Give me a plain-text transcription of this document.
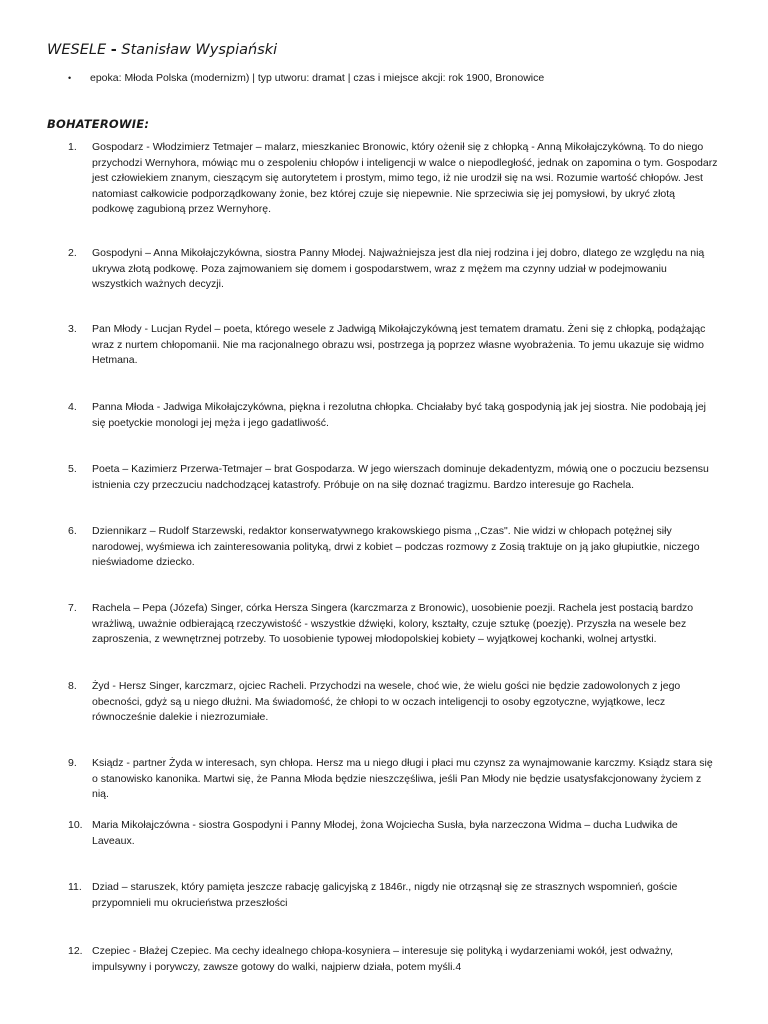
WESELE - Stanisław Wyspiański
• epoka: Młoda Polska (modernizm) | typ utworu: dramat | czas i miejsce akcji: rok 1900, Bronowice
BOHATEROWIE:
1.	Gospodarz - Włodzimierz Tetmajer – malarz, mieszkaniec Bronowic, który ożenił się z chłopką - Anną Mikołajczykówną. To do niego przychodzi Wernyhora, mówiąc mu o zespoleniu chłopów i inteligencji w walce o niepodległość, jednak on zapomina o tym. Gospodarz jest człowiekiem znanym, cieszącym się autorytetem i prostym, mimo tego, iż nie urodził się na wsi. Rozumie wartość chłopów. Jest natomiast całkowicie podporządkowany żonie, bez której czuje się niepewnie. Nie sprzeciwia się jej pomysłowi, by ukryć złotą podkowę zagubioną przez Wernyhorę.
2.	Gospodyni – Anna Mikołajczykówna, siostra Panny Młodej. Najważniejsza jest dla niej rodzina i jej dobro, dlatego ze względu na nią ukrywa złotą podkowę. Poza zajmowaniem się domem i gospodarstwem, wraz z mężem ma czynny udział w podejmowaniu wszystkich ważnych decyzji.
3.	Pan Młody - Lucjan Rydel – poeta, którego wesele z Jadwigą Mikołajczykówną jest tematem dramatu. Żeni się z chłopką, podążając wraz z nurtem chłopomanii. Nie ma racjonalnego obrazu wsi, postrzega ją poprzez własne wyobrażenia. To jemu ukazuje się widmo Hetmana.
4.	Panna Młoda - Jadwiga Mikołajczykówna, piękna i rezolutna chłopka. Chciałaby być taką gospodynią jak jej siostra. Nie podobają jej się poetyckie monologi jej męża i jego gadatliwość.
5.	Poeta – Kazimierz Przerwa-Tetmajer – brat Gospodarza. W jego wierszach dominuje dekadentyzm, mówią one o poczuciu bezsensu istnienia czy przeczuciu nadchodzącej katastrofy. Próbuje on na siłę doznać tragizmu. Bardzo interesuje go Rachela.
6.	Dziennikarz – Rudolf Starzewski, redaktor konserwatywnego krakowskiego pisma ,,Czas". Nie widzi w chłopach potężnej siły narodowej, wyśmiewa ich zainteresowania polityką, drwi z kobiet – podczas rozmowy z Zosią traktuje on ją jako głupiutkie, niczego nieświadome dziecko.
7.	Rachela – Pepa (Józefa) Singer, córka Hersza Singera (karczmarza z Bronowic), uosobienie poezji. Rachela jest postacią bardzo wrażliwą, uważnie odbierającą rzeczywistość - wszystkie dźwięki, kolory, kształty, czuje sztukę (poezję). Przyszła na wesele bez zaproszenia, z wewnętrznej potrzeby. To uosobienie typowej młodopolskiej kobiety – wyjątkowej kochanki, wolnej artystki.
8.	Żyd - Hersz Singer, karczmarz, ojciec Racheli. Przychodzi na wesele, choć wie, że wielu gości nie będzie zadowolonych z jego obecności, gdyż są u niego dłużni. Ma świadomość, że chłopi to w oczach inteligencji to osoby egzotyczne, wyjątkowe, lecz równocześnie dalekie i niezrozumiałe.
9.	Ksiądz - partner Żyda w interesach, syn chłopa. Hersz ma u niego długi i płaci mu czynsz za wynajmowanie karczmy. Ksiądz stara się o stanowisko kanonika. Martwi się, że Panna Młoda będzie nieszczęśliwa, jeśli Pan Młody nie będzie usatysfakcjonowany życiem z nią.
10. Maria Mikołajczówna - siostra Gospodyni i Panny Młodej, żona Wojciecha Susła, była narzeczona Widma – ducha Ludwika de Laveaux.
11. Dziad – staruszek, który pamięta jeszcze rabację galicyjską z 1846r., nigdy nie otrząsnął się ze strasznych wspomnień, goście przypomnieli mu okrucieństwa przeszłości
12. Czepiec - Błażej Czepiec. Ma cechy idealnego chłopa-kosyniera – interesuje się polityką i wydarzeniami wokół, jest odważny, impulsywny i porywczy, zawsze gotowy do walki, najpierw działa, potem myśli.4
